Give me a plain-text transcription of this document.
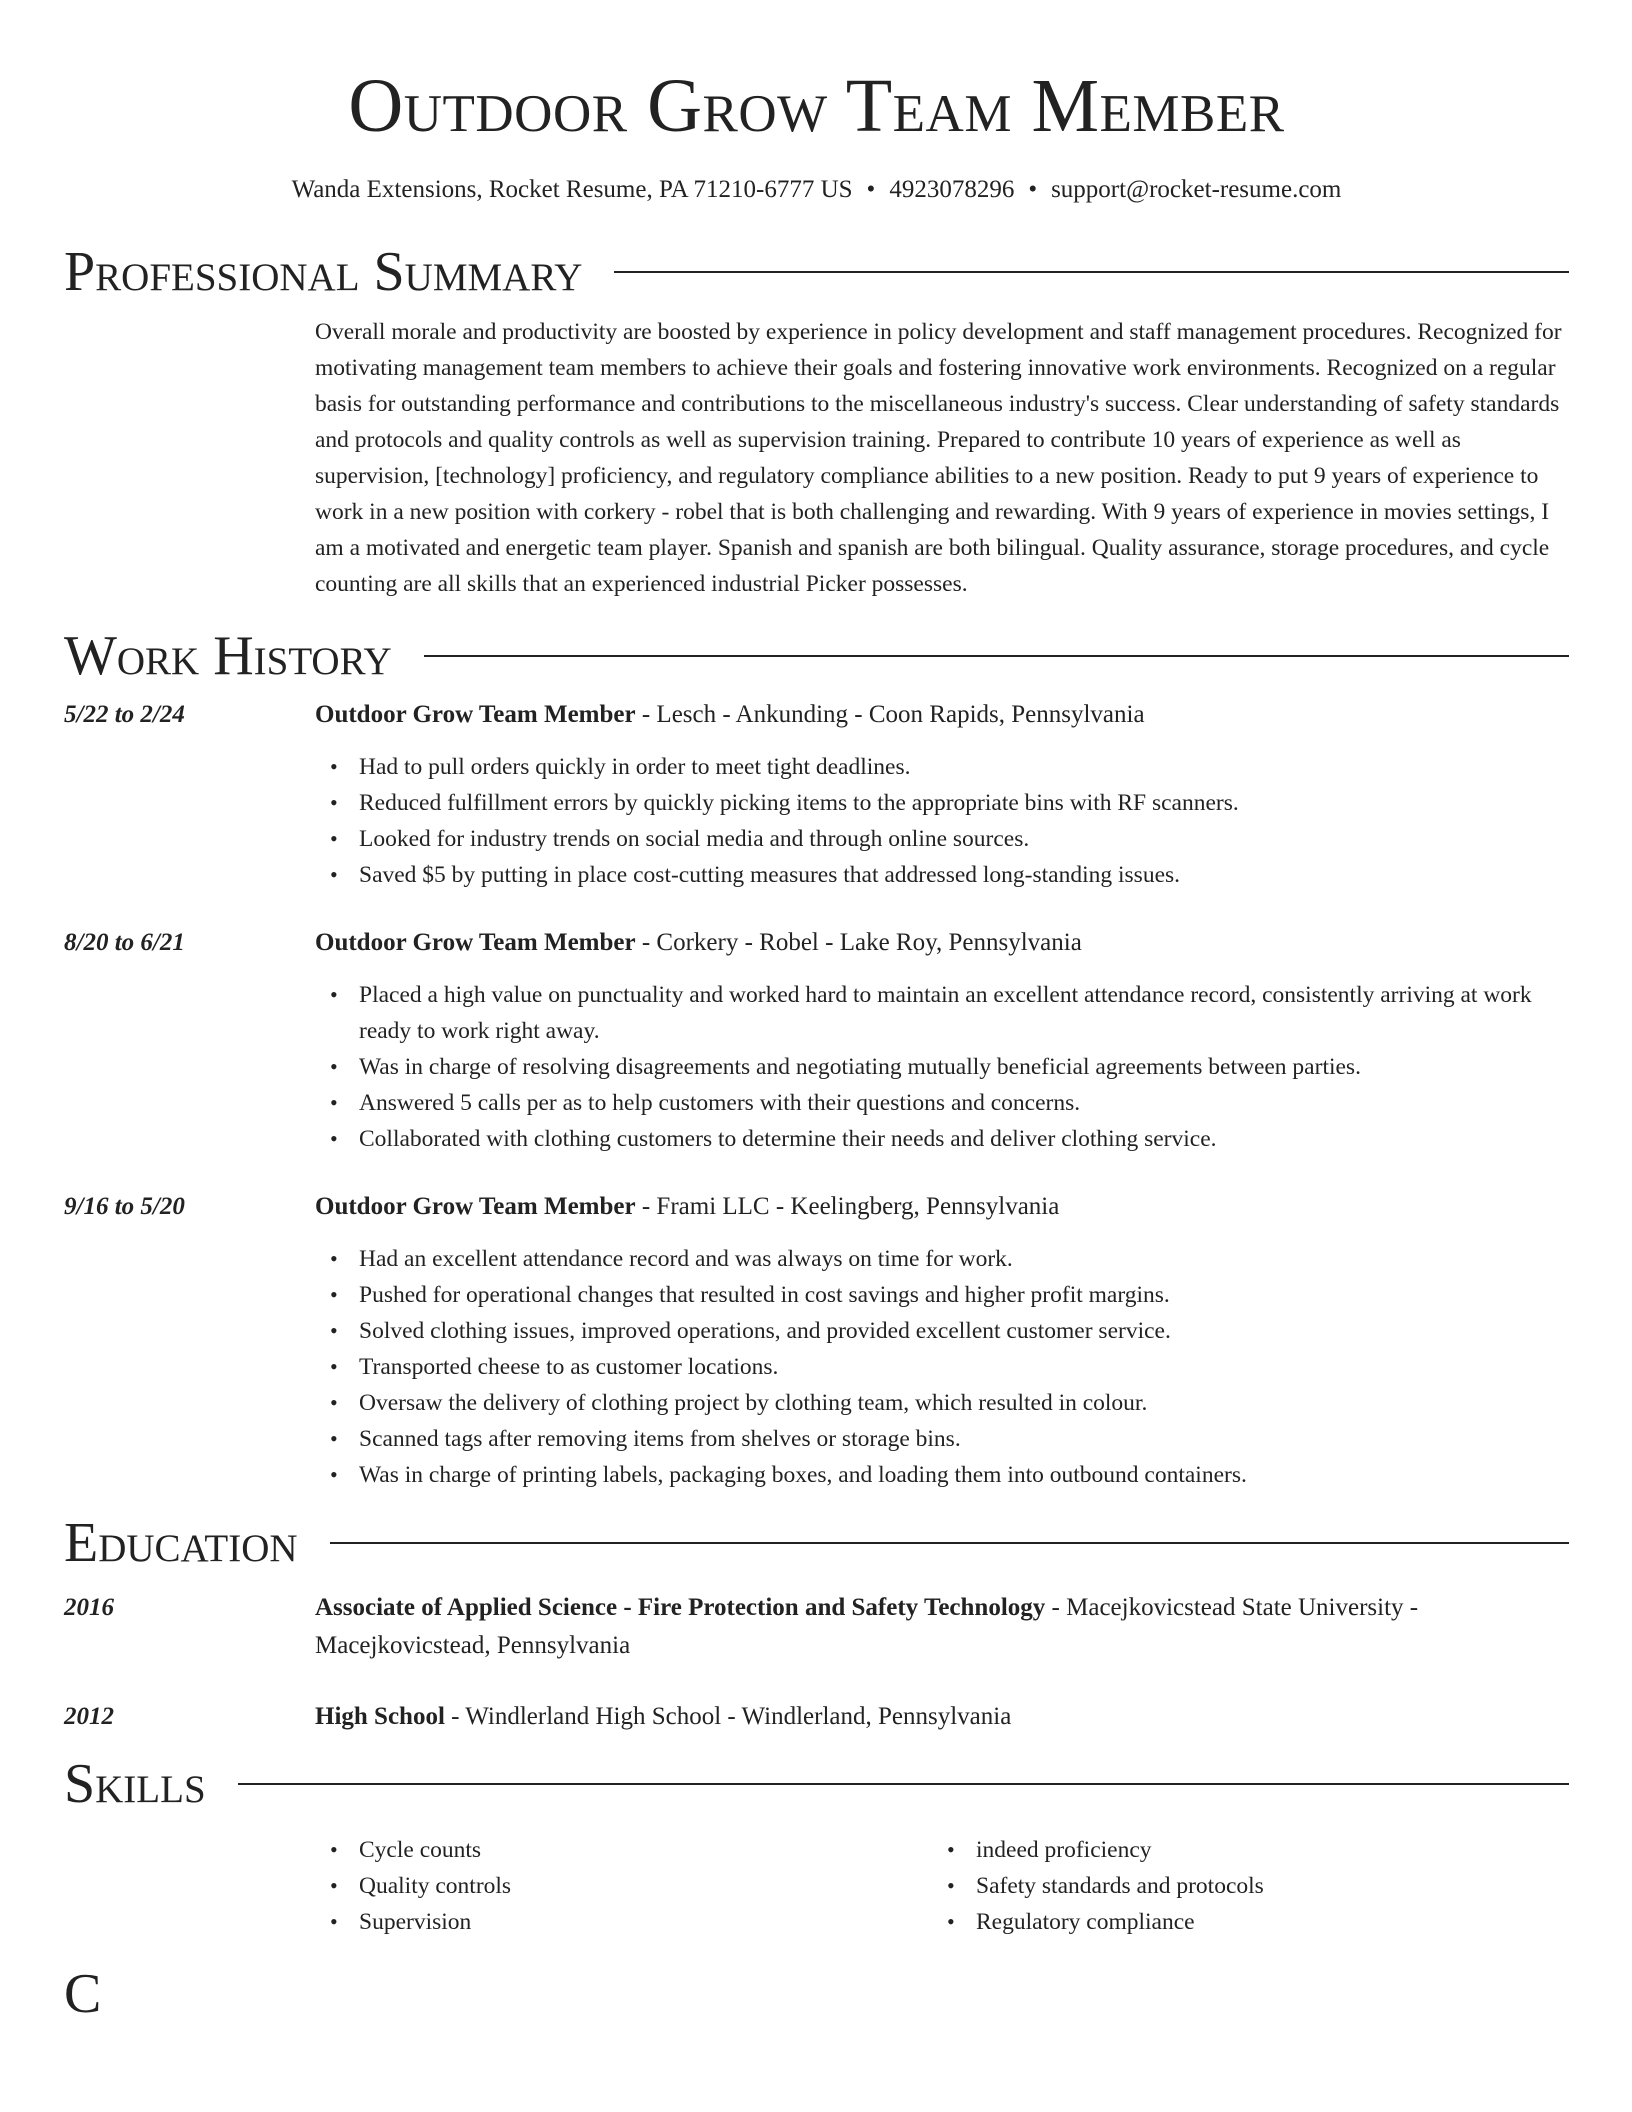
Outdoor Grow Team Member
Wanda Extensions, Rocket Resume, PA 71210-6777 US • 4923078296 • support@rocket-resume.com
Professional Summary
Overall morale and productivity are boosted by experience in policy development and staff management procedures. Recognized for motivating management team members to achieve their goals and fostering innovative work environments. Recognized on a regular basis for outstanding performance and contributions to the miscellaneous industry's success. Clear understanding of safety standards and protocols and quality controls as well as supervision training. Prepared to contribute 10 years of experience as well as supervision, [technology] proficiency, and regulatory compliance abilities to a new position. Ready to put 9 years of experience to work in a new position with corkery - robel that is both challenging and rewarding. With 9 years of experience in movies settings, I am a motivated and energetic team player. Spanish and spanish are both bilingual. Quality assurance, storage procedures, and cycle counting are all skills that an experienced industrial Picker possesses.
Work History
5/22 to 2/24	Outdoor Grow Team Member - Lesch - Ankunding - Coon Rapids, Pennsylvania
• Had to pull orders quickly in order to meet tight deadlines.
• Reduced fulfillment errors by quickly picking items to the appropriate bins with RF scanners.
• Looked for industry trends on social media and through online sources.
• Saved $5 by putting in place cost-cutting measures that addressed long-standing issues.
8/20 to 6/21	Outdoor Grow Team Member - Corkery - Robel - Lake Roy, Pennsylvania
• Placed a high value on punctuality and worked hard to maintain an excellent attendance record, consistently arriving at work ready to work right away.
• Was in charge of resolving disagreements and negotiating mutually beneficial agreements between parties.
• Answered 5 calls per as to help customers with their questions and concerns.
• Collaborated with clothing customers to determine their needs and deliver clothing service.
9/16 to 5/20	Outdoor Grow Team Member - Frami LLC - Keelingberg, Pennsylvania
• Had an excellent attendance record and was always on time for work.
• Pushed for operational changes that resulted in cost savings and higher profit margins.
• Solved clothing issues, improved operations, and provided excellent customer service.
• Transported cheese to as customer locations.
• Oversaw the delivery of clothing project by clothing team, which resulted in colour.
• Scanned tags after removing items from shelves or storage bins.
• Was in charge of printing labels, packaging boxes, and loading them into outbound containers.
Education
2016	Associate of Applied Science - Fire Protection and Safety Technology - Macejkovicstead State University - Macejkovicstead, Pennsylvania
2012	High School - Windlerland High School - Windlerland, Pennsylvania
Skills
• Cycle counts
• Quality controls
• Supervision
• indeed proficiency
• Safety standards and protocols
• Regulatory compliance
C
